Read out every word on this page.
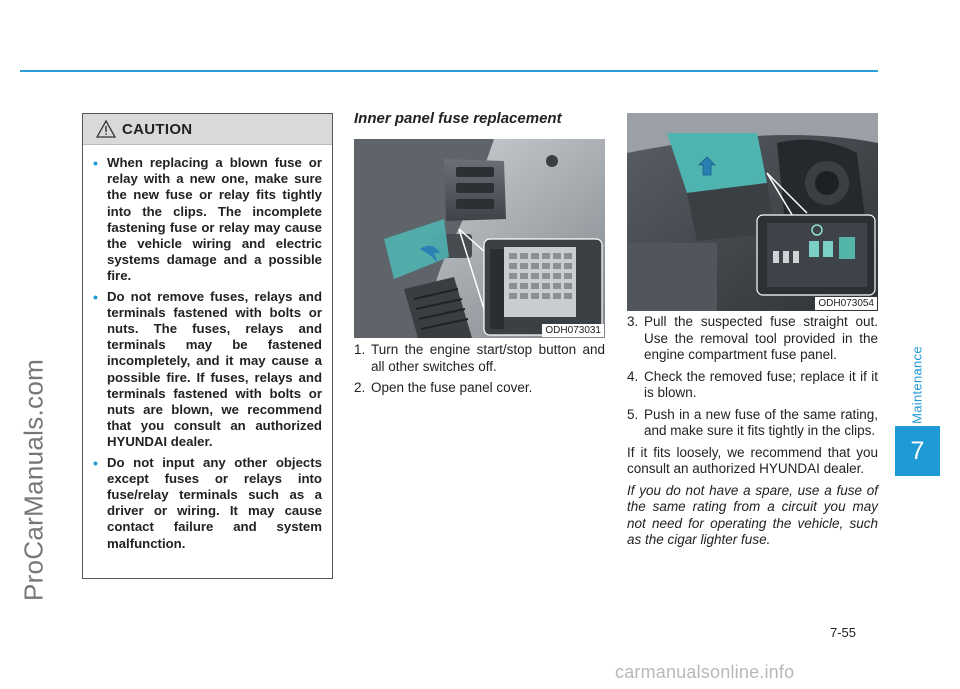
ProCarManuals.com	Maintenance
7
CAUTION
• When replacing a blown fuse or relay with a new one, make sure the new fuse or relay fits tightly into the clips. The incomplete fastening fuse or relay may cause the vehicle wiring and electric systems damage and a possible fire.
• Do not remove fuses, relays and terminals fastened with bolts or nuts. The fuses, relays and terminals may be fastened incompletely, and it may cause a possible fire. If fuses, relays and terminals fastened with bolts or nuts are blown, we recommend that you consult an authorized HYUNDAI dealer.
• Do not input any other objects except fuses or relays into fuse/relay terminals such as a driver or wiring. It may cause contact failure and system malfunction.
Inner panel fuse replacement
ODH073031
1. Turn the engine start/stop button and all other switches off.
2. Open the fuse panel cover.
ODH073054
3. Pull the suspected fuse straight out. Use the removal tool provided in the engine compartment fuse panel.
4. Check the removed fuse; replace it if it is blown.
5. Push in a new fuse of the same rating, and make sure it fits tightly in the clips.
If it fits loosely, we recommend that you consult an authorized HYUNDAI dealer.
If you do not have a spare, use a fuse of the same rating from a circuit you may not need for operating the vehicle, such as the cigar lighter fuse.
7-55
carmanualsonline.info
